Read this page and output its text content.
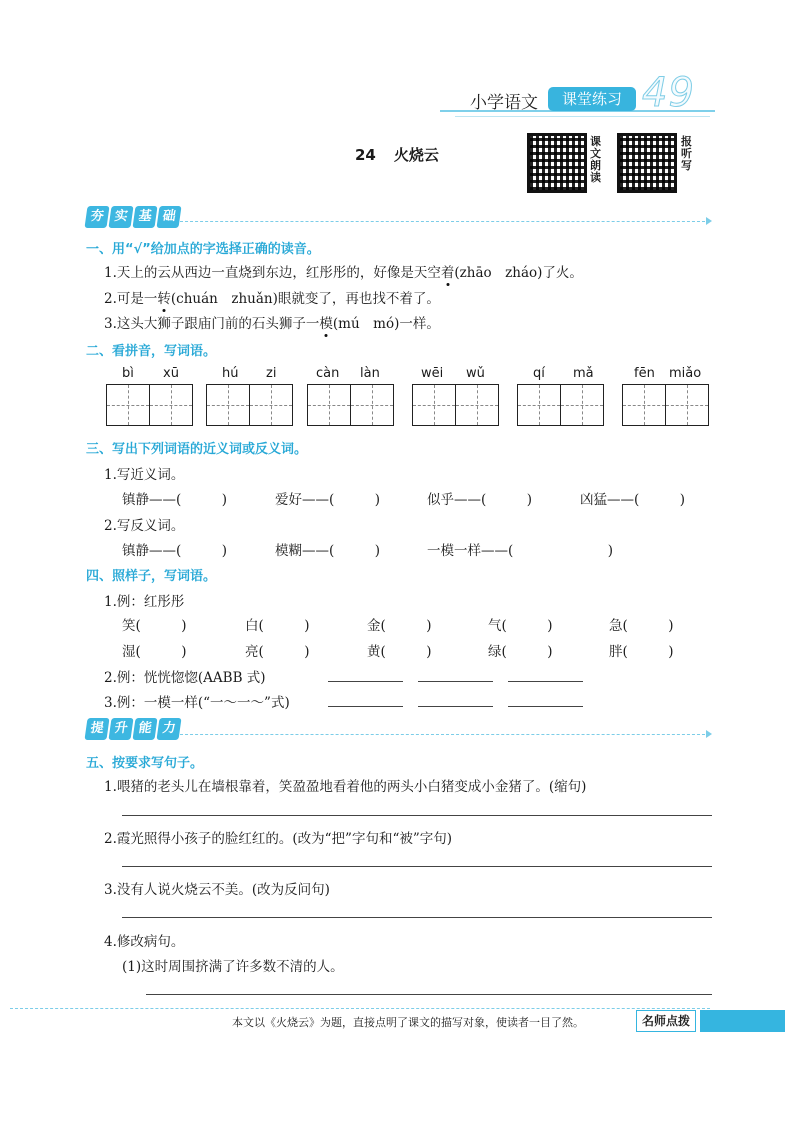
小学语文	课堂练习 49
24 火烧云
课文朗读
报听写
夯 实 基 础
一、用“√”给加点的字选择正确的读音。
1.天上的云从西边一直烧到东边，红彤彤的，好像是天空着(zhāo　zháo)了火。
2.可是一转(chuán　zhuǎn)眼就变了，再也找不着了。
3.这头大狮子跟庙门前的石头狮子一模(mú　mó)一样。
二、看拼音，写词语。
bì xū	hú zi	càn làn	wēi wǔ	qí mǎ	fēn miǎo
三、写出下列词语的近义词或反义词。
1.写近义词。
镇静——(　　　)	爱好——(　　　)	似乎——(　　　)	凶猛——(　　　)
2.写反义词。
镇静——(　　　)	模糊——(　　　)	一模一样——(　　　　　　　)
四、照样子，写词语。
1.例：红彤彤
笑(　　　)	白(　　　)	金(　　　)	气(　　　)	急(　　　)
湿(　　　)	亮(　　　)	黄(　　　)	绿(　　　)	胖(　　　)
2.例：恍恍惚惚(AABB 式)
3.例：一模一样(“一～一～”式)
提 升 能 力
五、按要求写句子。
1.喂猪的老头儿在墙根靠着，笑盈盈地看着他的两头小白猪变成小金猪了。(缩句)
2.霞光照得小孩子的脸红红的。(改为“把”字句和“被”字句)
3.没有人说火烧云不美。(改为反问句)
4.修改病句。
(1)这时周围挤满了许多数不清的人。
本文以《火烧云》为题，直接点明了课文的描写对象，使读者一目了然。	名师点拨
